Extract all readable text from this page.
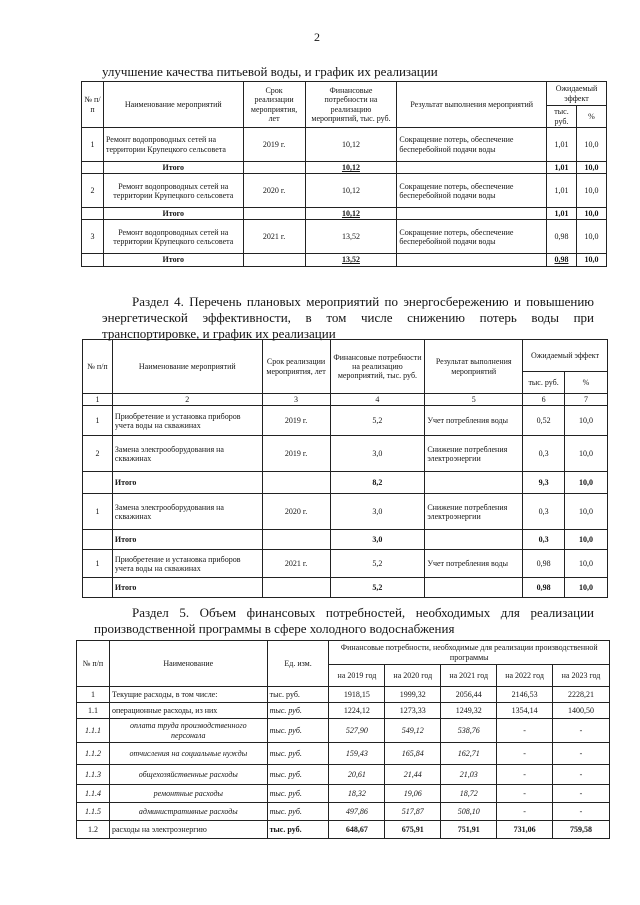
2
улучшение качества питьевой воды, и график их реализации
№ п/п	Наименование мероприятий	Срок реализации мероприятия, лет	Финансовые потребности на реализацию мероприятий, тыс. руб.	Результат выполнения мероприятий	Ожидаемый эффект	
					тыс. руб.	%
1	Ремонт водопроводных сетей на территории Крупецкого сельсовета	2019 г.	10,12	Сокращение потерь, обеспечение бесперебойной подачи воды	1,01	10,0
	Итого		10,12		1,01	10,0
2	Ремонт водопроводных сетей на территории Крупецкого сельсовета	2020 г.	10,12	Сокращение потерь, обеспечение бесперебойной подачи воды	1,01	10,0
	Итого		10,12		1,01	10,0
3	Ремонт водопроводных сетей на территории Крупецкого сельсовета	2021 г.	13,52	Сокращение потерь, обеспечение бесперебойной подачи воды	0,98	10,0
	Итого		13,52		0,98	10,0
Раздел 4. Перечень плановых мероприятий по энергосбережению и повышению энергетической эффективности, в том числе снижению потерь воды при транспортировке, и график их реализации
№ п/п	Наименование мероприятий	Срок реализации мероприятия, лет	Финансовые потребности на реализацию мероприятий, тыс. руб.	Результат выполнения мероприятий	Ожидаемый эффект	
					тыс. руб.	%
1	2	3	4	5	6	7
1	Приобретение и установка приборов учета воды на скважинах	2019 г.	5,2	Учет потребления воды	0,52	10,0
2	Замена электрооборудования на скважинах	2019 г.	3,0	Снижение потребления электроэнергии	0,3	10,0
	Итого		8,2		9,3	10,0
1	Замена электрооборудования на скважинах	2020 г.	3,0	Снижение потребления электроэнергии	0,3	10,0
	Итого		3,0		0,3	10,0
1	Приобретение и установка приборов учета воды на скважинах	2021 г.	5,2	Учет потребления воды	0,98	10,0
	Итого		5,2		0,98	10,0
Раздел 5. Объем финансовых потребностей, необходимых для реализации производственной программы в сфере холодного водоснабжения
№ п/п	Наименование	Ед. изм.	Финансовые потребности, необходимые для реализации производственной программы				
			на 2019 год	на 2020 год	на 2021 год	на 2022 год	на 2023 год
1	Текущие расходы, в том числе:	тыс. руб.	1918,15	1999,32	2056,44	2146,53	2228,21
1.1	операционные расходы, из них	тыс. руб.	1224,12	1273,33	1249,32	1354,14	1400,50
1.1.1	оплата труда производственного персонала	тыс. руб.	527,90	549,12	538,76	-	-
1.1.2	отчисления на социальные нужды	тыс. руб.	159,43	165,84	162,71	-	-
1.1.3	общехозяйственные расходы	тыс. руб.	20,61	21,44	21,03	-	-
1.1.4	ремонтные расходы	тыс. руб.	18,32	19,06	18,72	-	-
1.1.5	административные расходы	тыс. руб.	497,86	517,87	508,10	-	-
1.2	расходы на электроэнергию	тыс. руб.	648,67	675,91	751,91	731,06	759,58
